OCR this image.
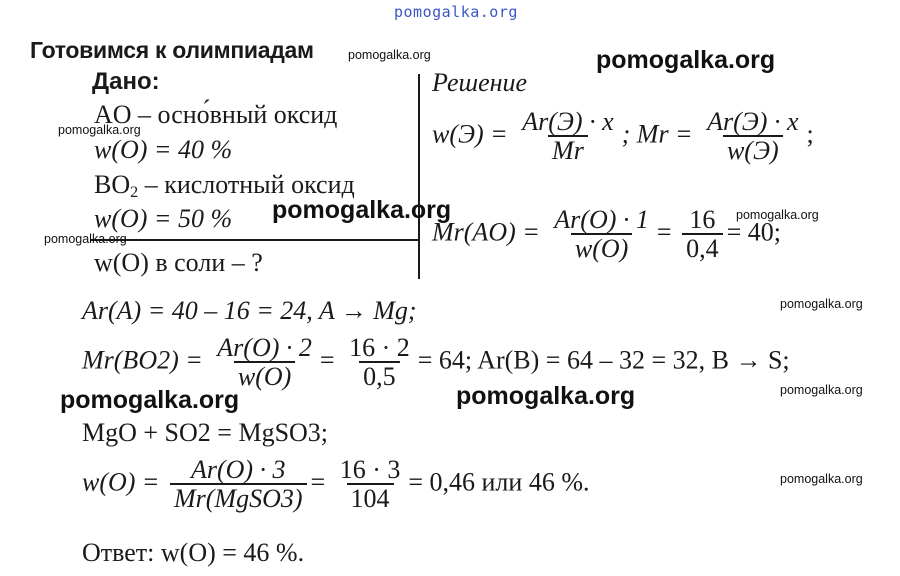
pomogalka.org
Готовимся к олимпиадам	pomogalka.org	pomogalka.org
Дано:
AO – осно́вный оксид
pomogalka.org
w(O) = 40 %
$BO_2$ – кислотный оксид
w(O) = 50 % pomogalka.org
pomogalka.org
w(O) в соли – ?
Решение
$w(Э) = \frac{Ar(Э) \cdot x}{Mr}$ ; $Mr = \frac{Ar(Э) \cdot x}{w(Э)}$ ;
pomogalka.org
$Mr(AO) = \frac{Ar(O) \cdot 1}{w(O)} = \frac{16}{0,4} = 40$;
Ar(A) = 40 – 16 = 24, A → Mg;	pomogalka.org
$Mr(BO2) = \frac{Ar(O) \cdot 2}{w(O)} = \frac{16 \cdot 2}{0,5} = 64$; Ar(B) = 64 – 32 = 32, B → S;
pomogalka.org	pomogalka.org	pomogalka.org
MgO + SO2 = MgSO3;
$w(O) = \frac{Ar(O) \cdot 3}{\text{Mr(MgSO3)}} = \frac{16 \cdot 3}{104} = 0,46$ или 46 %.	pomogalka.org
Ответ: w(O) = 46 %.
